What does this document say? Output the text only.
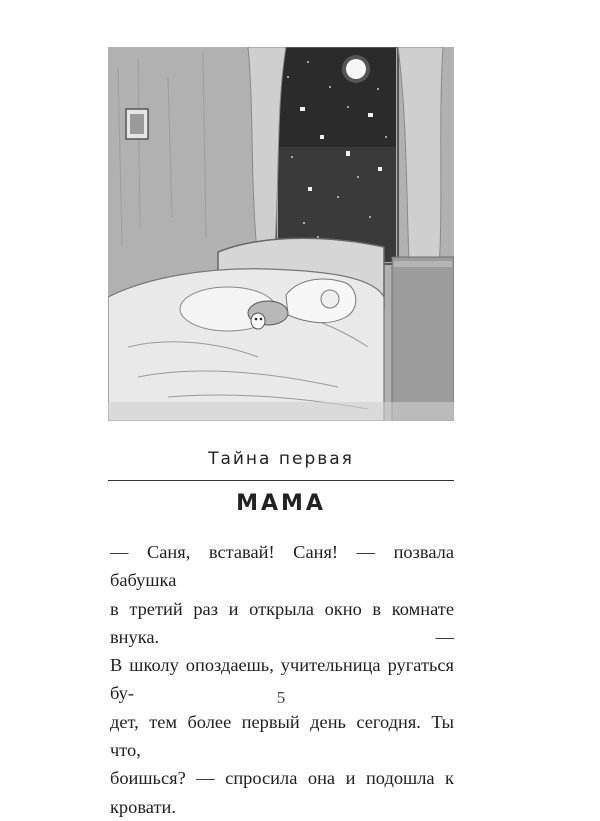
Тайна первая
МАМА
— Саня, вставай! Саня! — позвала бабушка
в третий раз и открыла окно в комнате внука. —
В школу опоздаешь, учительница ругаться бу-
дет, тем более первый день сегодня. Ты что,
боишься? — спросила она и подошла к кровати.
5
